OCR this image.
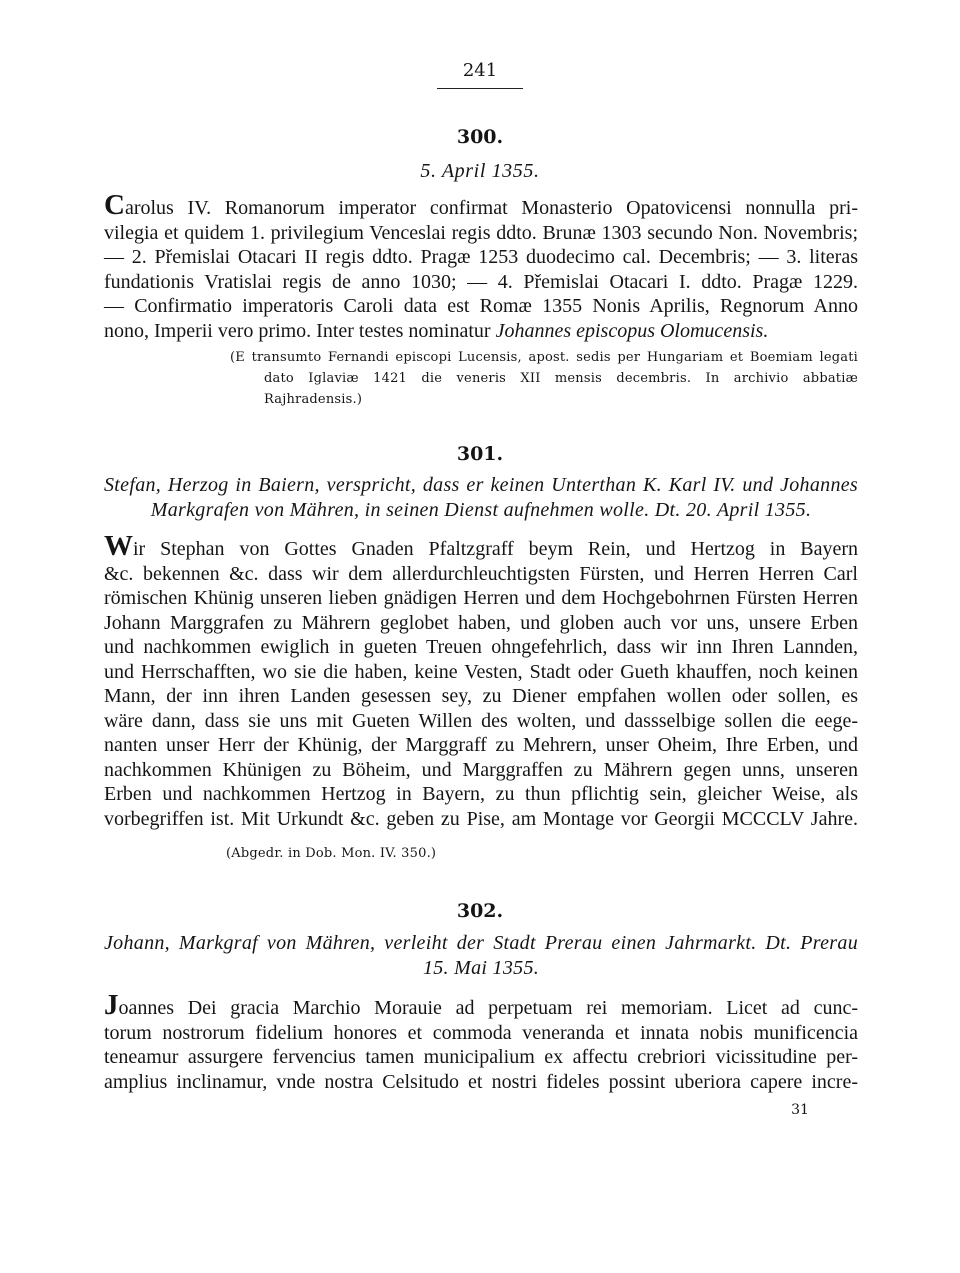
241
300.
5. April 1355.
Carolus IV. Romanorum imperator confirmat Monasterio Opatovicensi nonnulla pri-
vilegia et quidem 1. privilegium Venceslai regis ddto. Brunæ 1303 secundo Non. Novembris;
— 2. Přemislai Otacari II regis ddto. Pragæ 1253 duodecimo cal. Decembris; — 3. literas
fundationis Vratislai regis de anno 1030; — 4. Přemislai Otacari I. ddto. Pragæ 1229.
— Confirmatio imperatoris Caroli data est Romæ 1355 Nonis Aprilis, Regnorum Anno
nono, Imperii vero primo. Inter testes nominatur Johannes episcopus Olomucensis.
(E transumto Fernandi episcopi Lucensis, apost. sedis per Hungariam et Boemiam legati
dato Iglaviæ 1421 die veneris XII mensis decembris. In archivio abbatiæ
Rajhradensis.)
301.
Stefan, Herzog in Baiern, verspricht, dass er keinen Unterthan K. Karl IV. und Johannes
Markgrafen von Mähren, in seinen Dienst aufnehmen wolle. Dt. 20. April 1355.
Wir Stephan von Gottes Gnaden Pfaltzgraff beym Rein, und Hertzog in Bayern
&c. bekennen &c. dass wir dem allerdurchleuchtigsten Fürsten, und Herren Herren Carl
römischen Khünig unseren lieben gnädigen Herren und dem Hochgebohrnen Fürsten Herren
Johann Marggrafen zu Mährern geglobet haben, und globen auch vor uns, unsere Erben
und nachkommen ewiglich in gueten Treuen ohngefehrlich, dass wir inn Ihren Lannden,
und Herrschafften, wo sie die haben, keine Vesten, Stadt oder Gueth khauffen, noch keinen
Mann, der inn ihren Landen gesessen sey, zu Diener empfahen wollen oder sollen, es
wäre dann, dass sie uns mit Gueten Willen des wolten, und dassselbige sollen die eege-
nanten unser Herr der Khünig, der Marggraff zu Mehrern, unser Oheim, Ihre Erben, und
nachkommen Khünigen zu Böheim, und Marggraffen zu Mährern gegen unns, unseren
Erben und nachkommen Hertzog in Bayern, zu thun pflichtig sein, gleicher Weise, als
vorbegriffen ist. Mit Urkundt &c. geben zu Pise, am Montage vor Georgii MCCCLV Jahre.
(Abgedr. in Dob. Mon. IV. 350.)
302.
Johann, Markgraf von Mähren, verleiht der Stadt Prerau einen Jahrmarkt. Dt. Prerau
15. Mai 1355.
Joannes Dei gracia Marchio Morauie ad perpetuam rei memoriam. Licet ad cunc-
torum nostrorum fidelium honores et commoda veneranda et innata nobis munificencia
teneamur assurgere fervencius tamen municipalium ex affectu crebriori vicissitudine per-
amplius inclinamur, vnde nostra Celsitudo et nostri fideles possint uberiora capere incre-
31
